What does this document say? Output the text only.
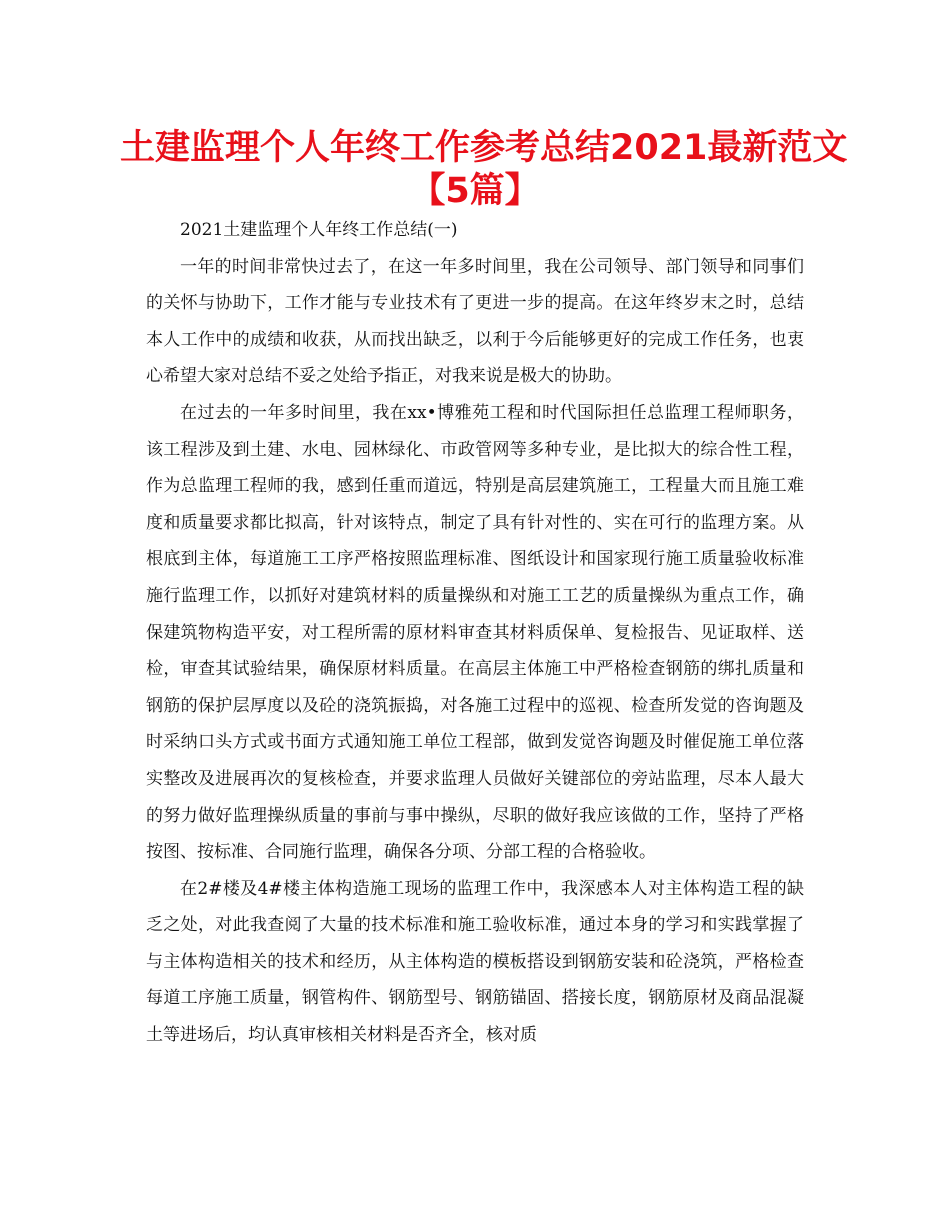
土建监理个人年终工作参考总结2021最新范文
【5篇】

2021土建监理个人年终工作总结(一)

一年的时间非常快过去了，在这一年多时间里，我在公司领导、部门领导和同事们的关怀与协助下，工作才能与专业技术有了更进一步的提高。在这年终岁末之时，总结本人工作中的成绩和收获，从而找出缺乏，以利于今后能够更好的完成工作任务，也衷心希望大家对总结不妥之处给予指正，对我来说是极大的协助。

在过去的一年多时间里，我在xx•博雅苑工程和时代国际担任总监理工程师职务，该工程涉及到土建、水电、园林绿化、市政管网等多种专业，是比拟大的综合性工程，作为总监理工程师的我，感到任重而道远，特别是高层建筑施工，工程量大而且施工难度和质量要求都比拟高，针对该特点，制定了具有针对性的、实在可行的监理方案。从根底到主体，每道施工工序严格按照监理标准、图纸设计和国家现行施工质量验收标准施行监理工作，以抓好对建筑材料的质量操纵和对施工工艺的质量操纵为重点工作，确保建筑物构造平安，对工程所需的原材料审查其材料质保单、复检报告、见证取样、送检，审查其试验结果，确保原材料质量。在高层主体施工中严格检查钢筋的绑扎质量和钢筋的保护层厚度以及砼的浇筑振捣，对各施工过程中的巡视、检查所发觉的咨询题及时采纳口头方式或书面方式通知施工单位工程部，做到发觉咨询题及时催促施工单位落实整改及进展再次的复核检查，并要求监理人员做好关键部位的旁站监理，尽本人最大的努力做好监理操纵质量的事前与事中操纵，尽职的做好我应该做的工作，坚持了严格按图、按标准、合同施行监理，确保各分项、分部工程的合格验收。

在2#楼及4#楼主体构造施工现场的监理工作中，我深感本人对主体构造工程的缺乏之处，对此我查阅了大量的技术标准和施工验收标准，通过本身的学习和实践掌握了与主体构造相关的技术和经历，从主体构造的模板搭设到钢筋安装和砼浇筑，严格检查每道工序施工质量，钢管构件、钢筋型号、钢筋锚固、搭接长度，钢筋原材及商品混凝土等进场后，均认真审核相关材料是否齐全，核对质
